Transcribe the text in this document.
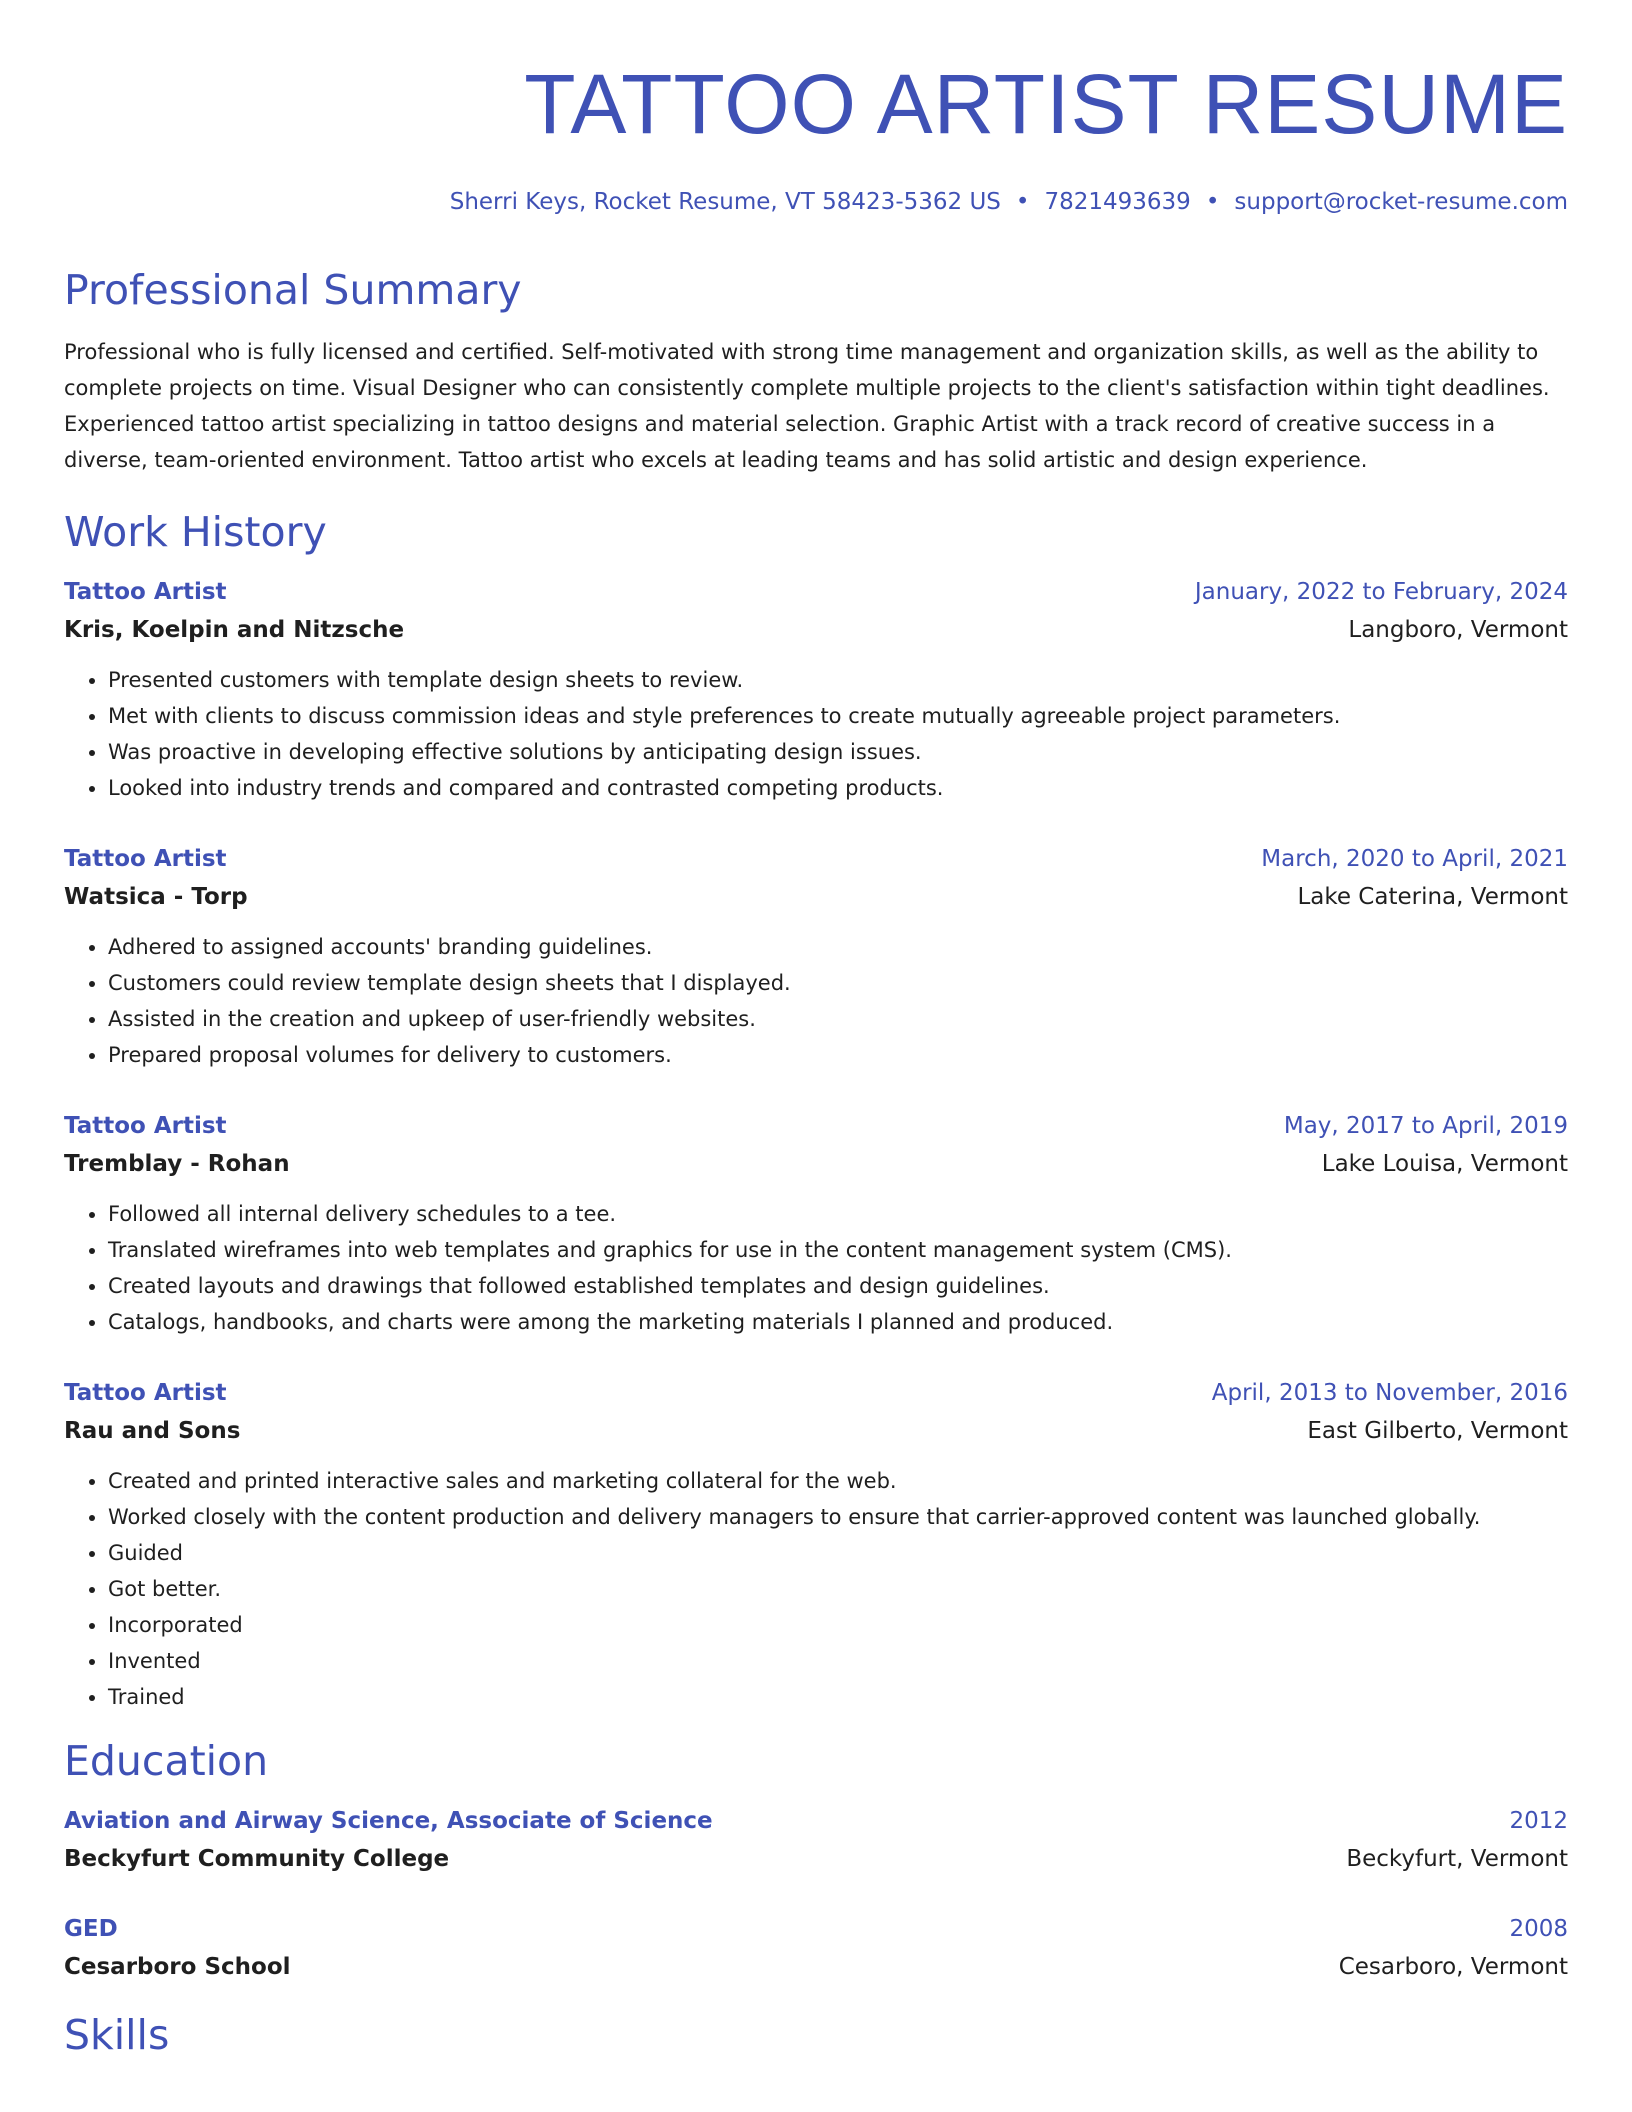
TATTOO ARTIST RESUME
Sherri Keys, Rocket Resume, VT 58423-5362 US • 7821493639 • support@rocket-resume.com
Professional Summary
Professional who is fully licensed and certified. Self-motivated with strong time management and organization skills, as well as the ability to complete projects on time. Visual Designer who can consistently complete multiple projects to the client's satisfaction within tight deadlines. Experienced tattoo artist specializing in tattoo designs and material selection. Graphic Artist with a track record of creative success in a diverse, team-oriented environment. Tattoo artist who excels at leading teams and has solid artistic and design experience.
Work History
Tattoo Artist	January, 2022 to February, 2024
Kris, Koelpin and Nitzsche	Langboro, Vermont
• Presented customers with template design sheets to review.
• Met with clients to discuss commission ideas and style preferences to create mutually agreeable project parameters.
• Was proactive in developing effective solutions by anticipating design issues.
• Looked into industry trends and compared and contrasted competing products.
Tattoo Artist	March, 2020 to April, 2021
Watsica - Torp	Lake Caterina, Vermont
• Adhered to assigned accounts' branding guidelines.
• Customers could review template design sheets that I displayed.
• Assisted in the creation and upkeep of user-friendly websites.
• Prepared proposal volumes for delivery to customers.
Tattoo Artist	May, 2017 to April, 2019
Tremblay - Rohan	Lake Louisa, Vermont
• Followed all internal delivery schedules to a tee.
• Translated wireframes into web templates and graphics for use in the content management system (CMS).
• Created layouts and drawings that followed established templates and design guidelines.
• Catalogs, handbooks, and charts were among the marketing materials I planned and produced.
Tattoo Artist	April, 2013 to November, 2016
Rau and Sons	East Gilberto, Vermont
• Created and printed interactive sales and marketing collateral for the web.
• Worked closely with the content production and delivery managers to ensure that carrier-approved content was launched globally.
• Guided
• Got better.
• Incorporated
• Invented
• Trained
Education
Aviation and Airway Science, Associate of Science	2012
Beckyfurt Community College	Beckyfurt, Vermont
GED	2008
Cesarboro School	Cesarboro, Vermont
Skills
